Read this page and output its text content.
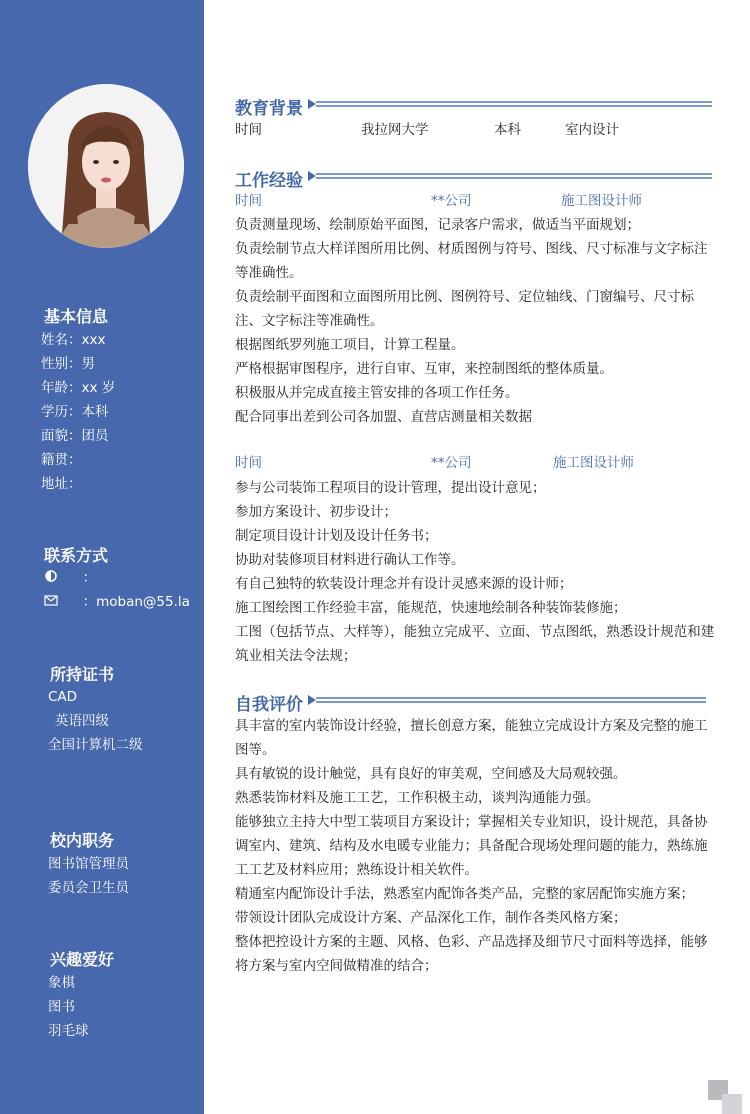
基本信息
姓名：xxx
性别：男
年龄：xx 岁
学历：本科
面貌：团员
籍贯：
地址：
联系方式
：
：moban@55.la
所持证书
CAD
英语四级
全国计算机二级
校内职务
图书馆管理员
委员会卫生员
兴趣爱好
象棋
图书
羽毛球
教育背景
时间	我拉网大学	本科	室内设计
工作经验
时间	**公司	施工图设计师
负责测量现场、绘制原始平面图，记录客户需求，做适当平面规划；
负责绘制节点大样详图所用比例、材质图例与符号、图线、尺寸标准与文字标注等准确性。
负责绘制平面图和立面图所用比例、图例符号、定位轴线、门窗编号、尺寸标注、文字标注等准确性。
根据图纸罗列施工项目，计算工程量。
严格根据审图程序，进行自审、互审，来控制图纸的整体质量。
积极服从并完成直接主管安排的各项工作任务。
配合同事出差到公司各加盟、直营店测量相关数据
时间	**公司	施工图设计师
参与公司装饰工程项目的设计管理，提出设计意见；
参加方案设计、初步设计；
制定项目设计计划及设计任务书；
协助对装修项目材料进行确认工作等。
有自己独特的软装设计理念并有设计灵感来源的设计师；
施工图绘图工作经验丰富，能规范，快速地绘制各种装饰装修施；
工图（包括节点、大样等），能独立完成平、立面、节点图纸，熟悉设计规范和建筑业相关法令法规；
自我评价
具丰富的室内装饰设计经验，擅长创意方案，能独立完成设计方案及完整的施工图等。
具有敏锐的设计触觉，具有良好的审美观，空间感及大局观较强。
熟悉装饰材料及施工工艺，工作积极主动，谈判沟通能力强。
能够独立主持大中型工装项目方案设计；掌握相关专业知识，设计规范，具备协调室内、建筑、结构及水电暖专业能力；具备配合现场处理问题的能力，熟练施工工艺及材料应用；熟练设计相关软件。
精通室内配饰设计手法，熟悉室内配饰各类产品，完整的家居配饰实施方案；
带领设计团队完成设计方案、产品深化工作，制作各类风格方案；
整体把控设计方案的主题、风格、色彩、产品选择及细节尺寸面料等选择，能够将方案与室内空间做精准的结合；
